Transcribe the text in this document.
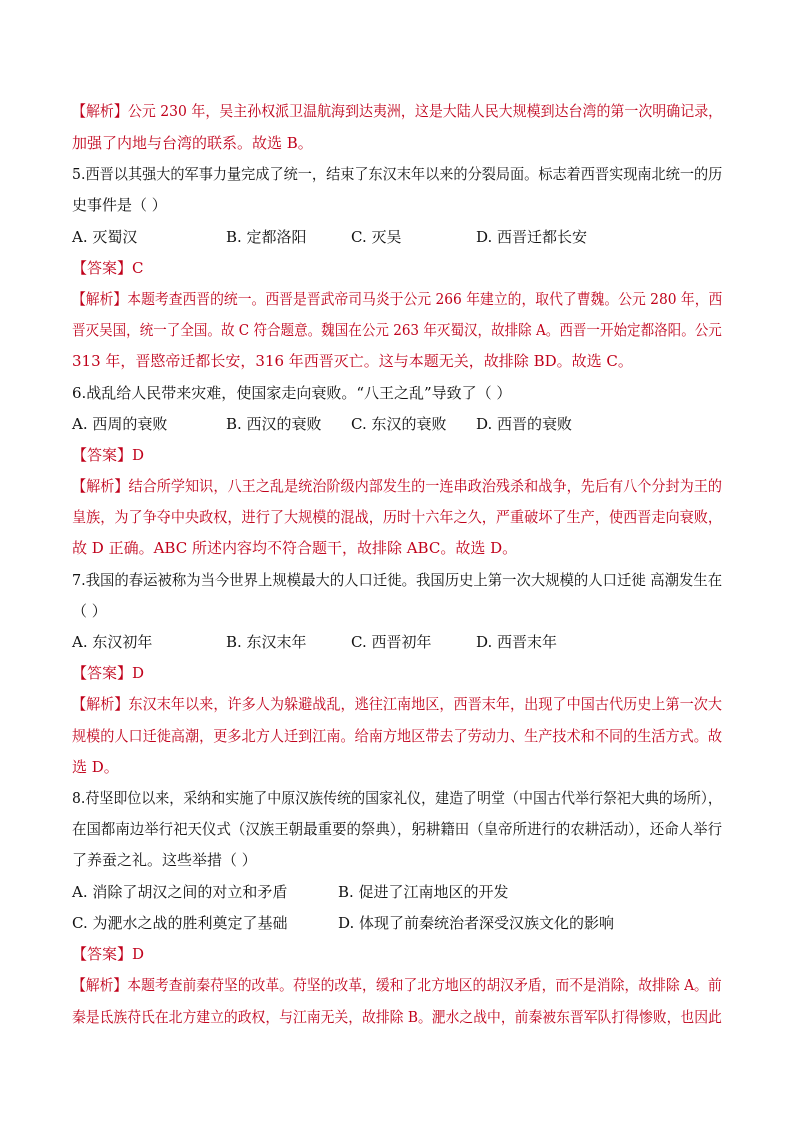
【解析】公元 230 年，吴主孙权派卫温航海到达夷洲，这是大陆人民大规模到达台湾的第一次明确记录，
加强了内地与台湾的联系。故选 B。
5.西晋以其强大的军事力量完成了统一，结束了东汉末年以来的分裂局面。标志着西晋实现南北统一的历
史事件是（ ）
A. 灭蜀汉	B. 定都洛阳	C. 灭吴	D. 西晋迁都长安
【答案】C
【解析】本题考查西晋的统一。西晋是晋武帝司马炎于公元 266 年建立的，取代了曹魏。公元 280 年，西
晋灭吴国，统一了全国。故 C 符合题意。魏国在公元 263 年灭蜀汉，故排除 A。西晋一开始定都洛阳。公元
313 年，晋愍帝迁都长安，316 年西晋灭亡。这与本题无关，故排除 BD。故选 C。
6.战乱给人民带来灾难，使国家走向衰败。“八王之乱”导致了（ ）
A. 西周的衰败	B. 西汉的衰败 C. 东汉的衰败 D. 西晋的衰败
【答案】D
【解析】结合所学知识，八王之乱是统治阶级内部发生的一连串政治残杀和战争，先后有八个分封为王的
皇族，为了争夺中央政权，进行了大规模的混战，历时十六年之久，严重破坏了生产，使西晋走向衰败，
故 D 正确。ABC 所述内容均不符合题干，故排除 ABC。故选 D。
7.我国的春运被称为当今世界上规模最大的人口迁徙。我国历史上第一次大规模的人口迁徙 高潮发生在
（ ）
A. 东汉初年	B. 东汉末年	C. 西晋初年	D. 西晋末年
【答案】D
【解析】东汉末年以来，许多人为躲避战乱，逃往江南地区，西晋末年，出现了中国古代历史上第一次大
规模的人口迁徙高潮，更多北方人迁到江南。给南方地区带去了劳动力、生产技术和不同的生活方式。故
选 D。
8.苻坚即位以来，采纳和实施了中原汉族传统的国家礼仪，建造了明堂（中国古代举行祭祀大典的场所），
在国都南边举行祀天仪式（汉族王朝最重要的祭典），躬耕籍田（皇帝所进行的农耕活动），还命人举行
了养蚕之礼。这些举措（ ）
A. 消除了胡汉之间的对立和矛盾	B. 促进了江南地区的开发
C. 为淝水之战的胜利奠定了基础	D. 体现了前秦统治者深受汉族文化的影响
【答案】D
【解析】本题考查前秦苻坚的改革。苻坚的改革，缓和了北方地区的胡汉矛盾，而不是消除，故排除 A。前
秦是氐族苻氏在北方建立的政权，与江南无关，故排除 B。淝水之战中，前秦被东晋军队打得惨败，也因此
